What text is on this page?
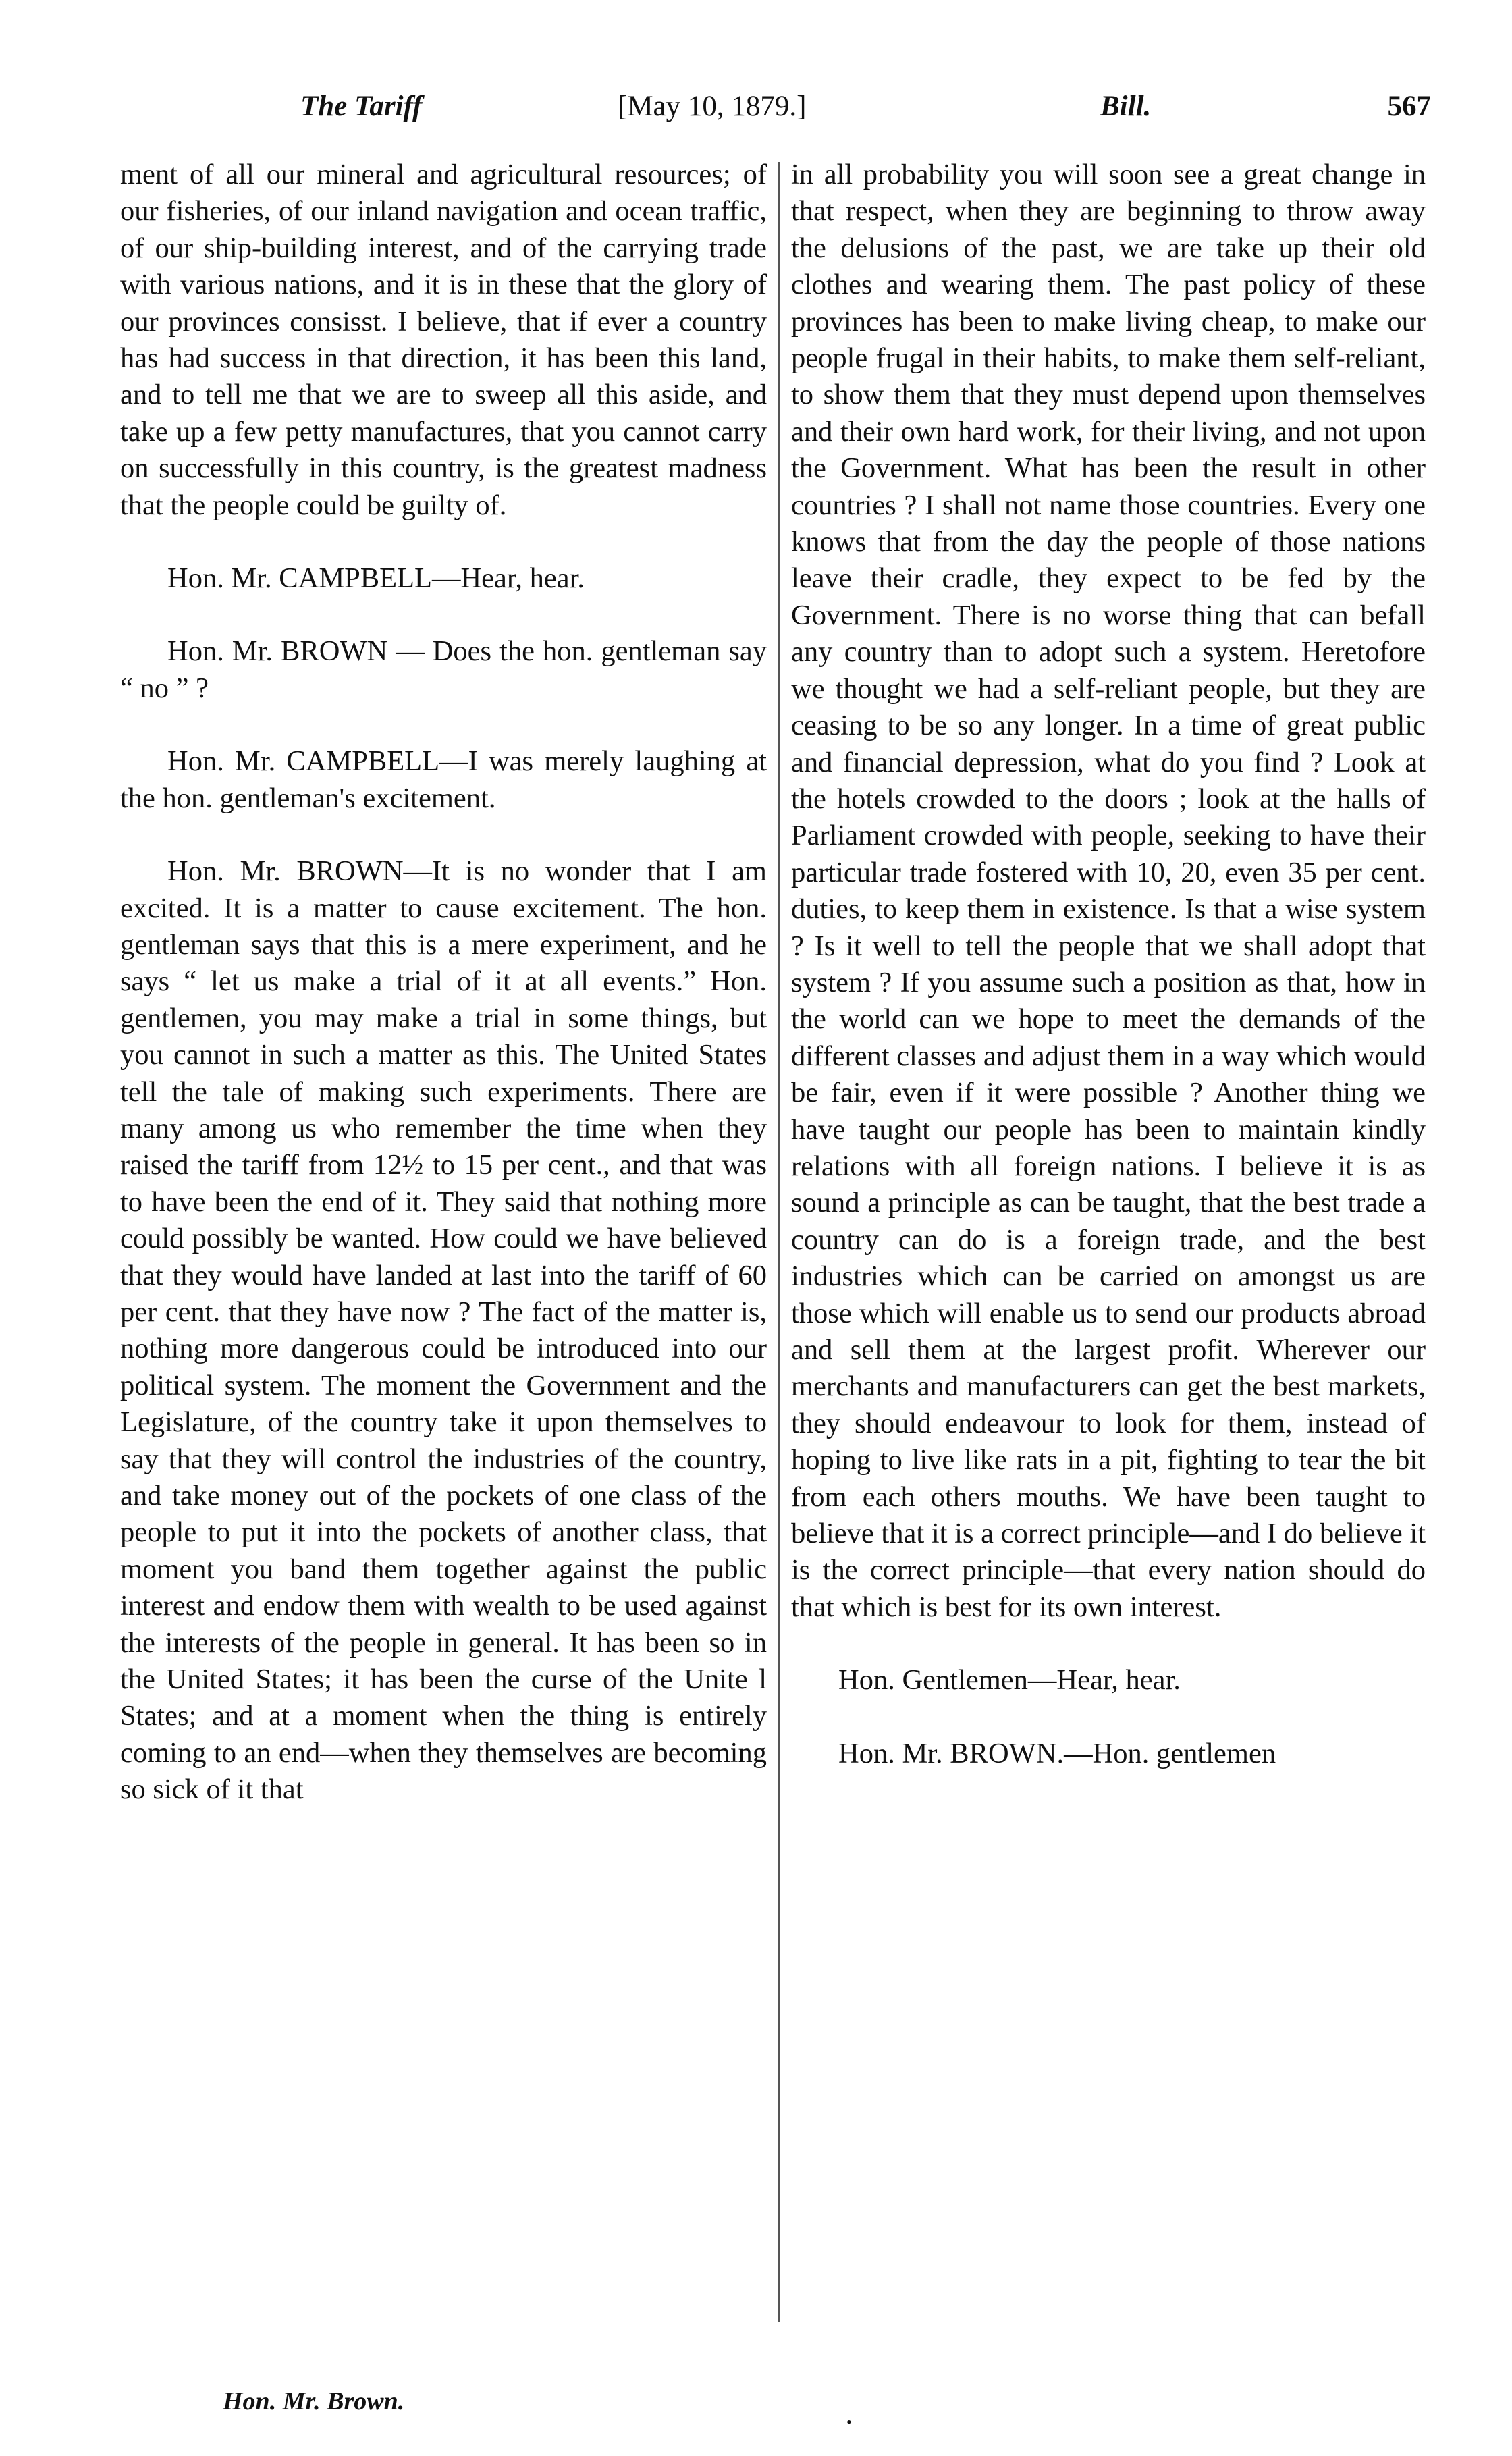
The Tariff	[May 10, 1879.]	Bill.	567

ment of all our mineral and agricultural resources; of our fisheries, of our inland navigation and ocean traffic, of our ship-building interest, and of the carrying trade with various nations, and it is in these that the glory of our provinces consisst. I believe, that if ever a country has had success in that direction, it has been this land, and to tell me that we are to sweep all this aside, and take up a few petty manufactures, that you cannot carry on successfully in this country, is the greatest madness that the people could be guilty of.

Hon. Mr. CAMPBELL—Hear, hear.

Hon. Mr. BROWN — Does the hon. gentleman say “ no ” ?

Hon. Mr. CAMPBELL—I was merely laughing at the hon. gentleman's excitement.

Hon. Mr. BROWN—It is no wonder that I am excited. It is a matter to cause excitement. The hon. gentleman says that this is a mere experiment, and he says “ let us make a trial of it at all events.” Hon. gentlemen, you may make a trial in some things, but you cannot in such a matter as this. The United States tell the tale of making such experiments. There are many among us who remember the time when they raised the tariff from 12½ to 15 per cent., and that was to have been the end of it. They said that nothing more could possibly be wanted. How could we have believed that they would have landed at last into the tariff of 60 per cent. that they have now ? The fact of the matter is, nothing more dangerous could be introduced into our political system. The moment the Government and the Legislature, of the country take it upon themselves to say that they will control the industries of the country, and take money out of the pockets of one class of the people to put it into the pockets of another class, that moment you band them together against the public interest and endow them with wealth to be used against the interests of the people in general. It has been so in the United States; it has been the curse of the Unite l States; and at a moment when the thing is entirely coming to an end—when they themselves are becoming so sick of it that

in all probability you will soon see a great change in that respect, when they are beginning to throw away the delusions of the past, we are take up their old clothes and wearing them. The past policy of these provinces has been to make living cheap, to make our people frugal in their habits, to make them self-reliant, to show them that they must depend upon themselves and their own hard work, for their living, and not upon the Government. What has been the result in other countries ? I shall not name those countries. Every one knows that from the day the people of those nations leave their cradle, they expect to be fed by the Government. There is no worse thing that can befall any country than to adopt such a system. Heretofore we thought we had a self-reliant people, but they are ceasing to be so any longer. In a time of great public and financial depression, what do you find ? Look at the hotels crowded to the doors ; look at the halls of Parliament crowded with people, seeking to have their particular trade fostered with 10, 20, even 35 per cent. duties, to keep them in existence. Is that a wise system ? Is it well to tell the people that we shall adopt that system ? If you assume such a position as that, how in the world can we hope to meet the demands of the different classes and adjust them in a way which would be fair, even if it were possible ? Another thing we have taught our people has been to maintain kindly relations with all foreign nations. I believe it is as sound a principle as can be taught, that the best trade a country can do is a foreign trade, and the best industries which can be carried on amongst us are those which will enable us to send our products abroad and sell them at the largest profit. Wherever our merchants and manufacturers can get the best markets, they should endeavour to look for them, instead of hoping to live like rats in a pit, fighting to tear the bit from each others mouths. We have been taught to believe that it is a correct principle—and I do believe it is the correct principle—that every nation should do that which is best for its own interest.

Hon. Gentlemen—Hear, hear.

Hon. Mr. BROWN.—Hon. gentlemen

Hon. Mr. Brown.
•
